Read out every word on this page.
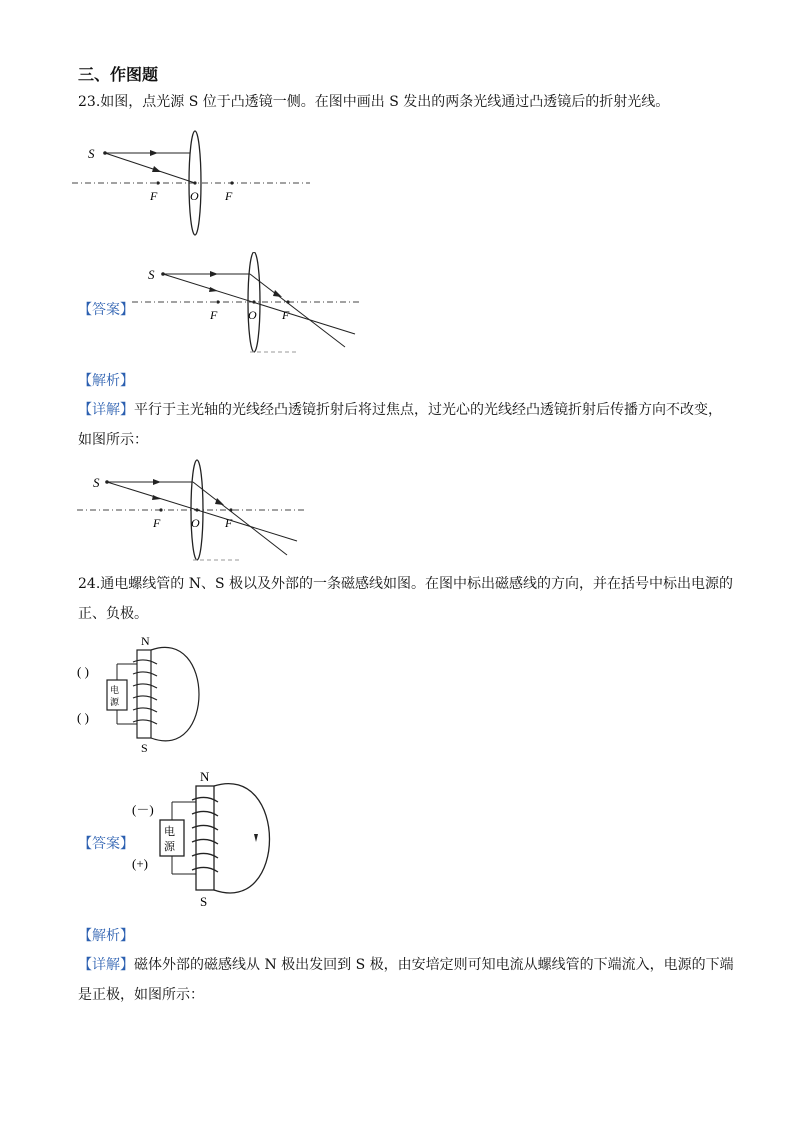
三、作图题
23.如图，点光源 S 位于凸透镜一侧。在图中画出 S 发出的两条光线通过凸透镜后的折射光线。
S
F	O F
【答案】
S
F	O F
【解析】
【详解】平行于主光轴的光线经凸透镜折射后将过焦点，过光心的光线经凸透镜折射后传播方向不改变，
如图所示：
S
F	O F
24.通电螺线管的 N、S 极以及外部的一条磁感线如图。在图中标出磁感线的方向，并在括号中标出电源的
正、负极。
电
源
N
S
( )
( )
【答案】
电
源
N
S
(－)
(+)
【解析】
【详解】磁体外部的磁感线从 N 极出发回到 S 极，由安培定则可知电流从螺线管的下端流入，电源的下端
是正极，如图所示：
